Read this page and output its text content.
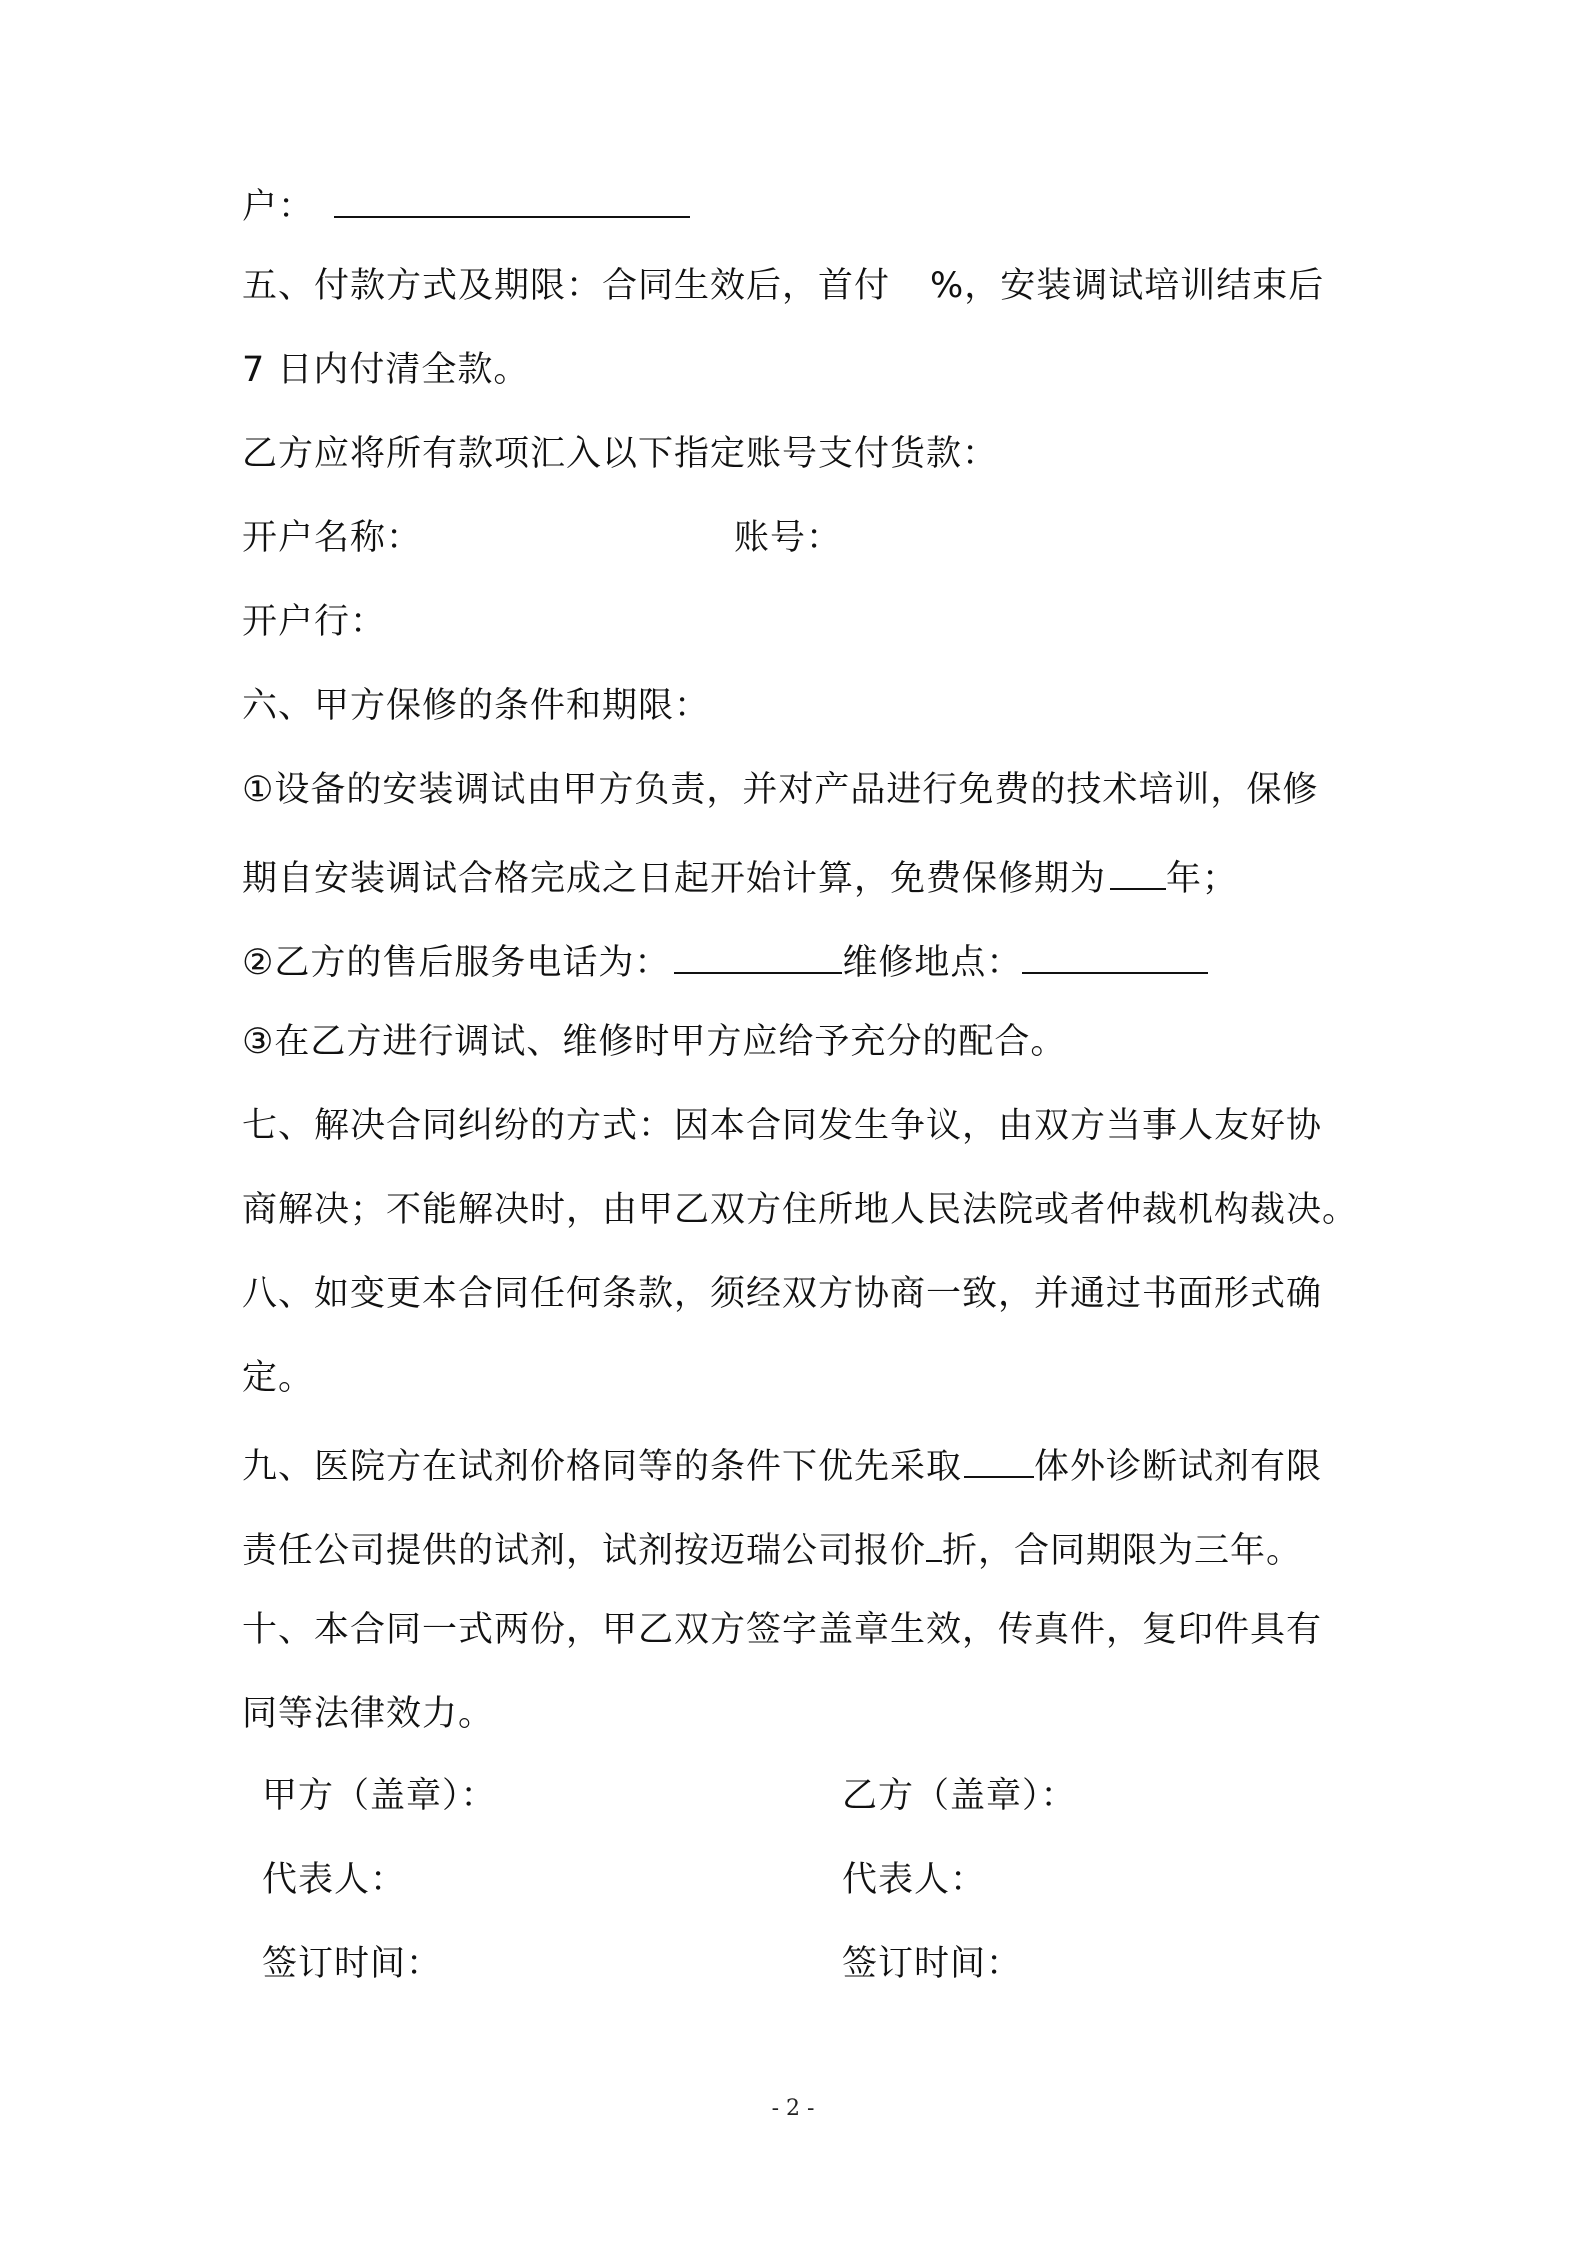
户：
五、付款方式及期限：合同生效后，首付 %，安装调试培训结束后
7 日内付清全款。
乙方应将所有款项汇入以下指定账号支付货款：
开户名称：	账号：
开户行：
六、甲方保修的条件和期限：
①设备的安装调试由甲方负责，并对产品进行免费的技术培训，保修
期自安装调试合格完成之日起开始计算，免费保修期为 年；
②乙方的售后服务电话为：	维修地点：
③在乙方进行调试、维修时甲方应给予充分的配合。
七、解决合同纠纷的方式：因本合同发生争议，由双方当事人友好协
商解决；不能解决时，由甲乙双方住所地人民法院或者仲裁机构裁决。
八、如变更本合同任何条款，须经双方协商一致，并通过书面形式确
定。
九、医院方在试剂价格同等的条件下优先采取 体外诊断试剂有限
责任公司提供的试剂，试剂按迈瑞公司报价 折，合同期限为三年。
十、本合同一式两份，甲乙双方签字盖章生效，传真件，复印件具有
同等法律效力。
甲方（盖章）：
代表人：
签订时间：
乙方（盖章）：
代表人：
签订时间：
- 2 -
